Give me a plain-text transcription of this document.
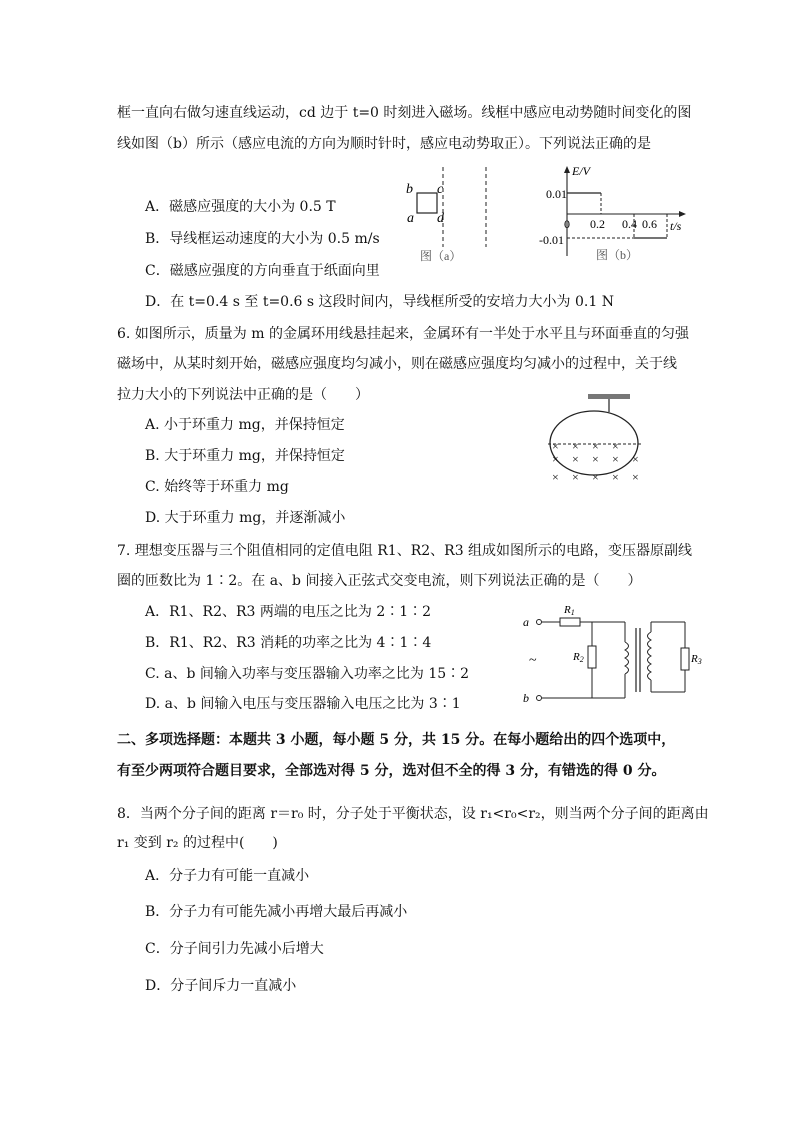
框一直向右做匀速直线运动，cd 边于 t=0 时刻进入磁场。线框中感应电动势随时间变化的图
线如图（b）所示（感应电流的方向为顺时针时，感应电动势取正）。下列说法正确的是
A．磁感应强度的大小为 0.5 T
B．导线框运动速度的大小为 0.5 m/s
C．磁感应强度的方向垂直于纸面向里
D．在 t=0.4 s 至 t=0.6 s 这段时间内，导线框所受的安培力大小为 0.1 N
b c
a d
图（a）
E/V
t/s
0.01
-0.01
0 0.2 0.4 0.6
图（b）
6. 如图所示，质量为 m 的金属环用线悬挂起来，金属环有一半处于水平且与环面垂直的匀强
磁场中，从某时刻开始，磁感应强度均匀减小，则在磁感应强度均匀减小的过程中，关于线
拉力大小的下列说法中正确的是（　　）
A. 小于环重力 mg，并保持恒定
B. 大于环重力 mg，并保持恒定
C. 始终等于环重力 mg
D. 大于环重力 mg，并逐渐减小
× × × × ×
× × × × ×
× × ×
×
7. 理想变压器与三个阻值相同的定值电阻 R1、R2、R3 组成如图所示的电路，变压器原副线
圈的匝数比为 1∶2。在 a、b 间接入正弦式交变电流，则下列说法正确的是（　　）
A．R1、R2、R3 两端的电压之比为 2∶1∶2
B．R1、R2、R3 消耗的功率之比为 4∶1∶4
C. a、b 间输入功率与变压器输入功率之比为 15∶2
D. a、b 间输入电压与变压器输入电压之比为 3∶1
a
b
~
R1
R2	R3
二、多项选择题：本题共 3 小题，每小题 5 分，共 15 分。在每小题给出的四个选项中，
有至少两项符合题目要求，全部选对得 5 分，选对但不全的得 3 分，有错选的得 0 分。
8．当两个分子间的距离 r＝r₀ 时，分子处于平衡状态，设 r₁<r₀<r₂，则当两个分子间的距离由
r₁ 变到 r₂ 的过程中(　　)
A．分子力有可能一直减小
B．分子力有可能先减小再增大最后再减小
C．分子间引力先减小后增大
D．分子间斥力一直减小
